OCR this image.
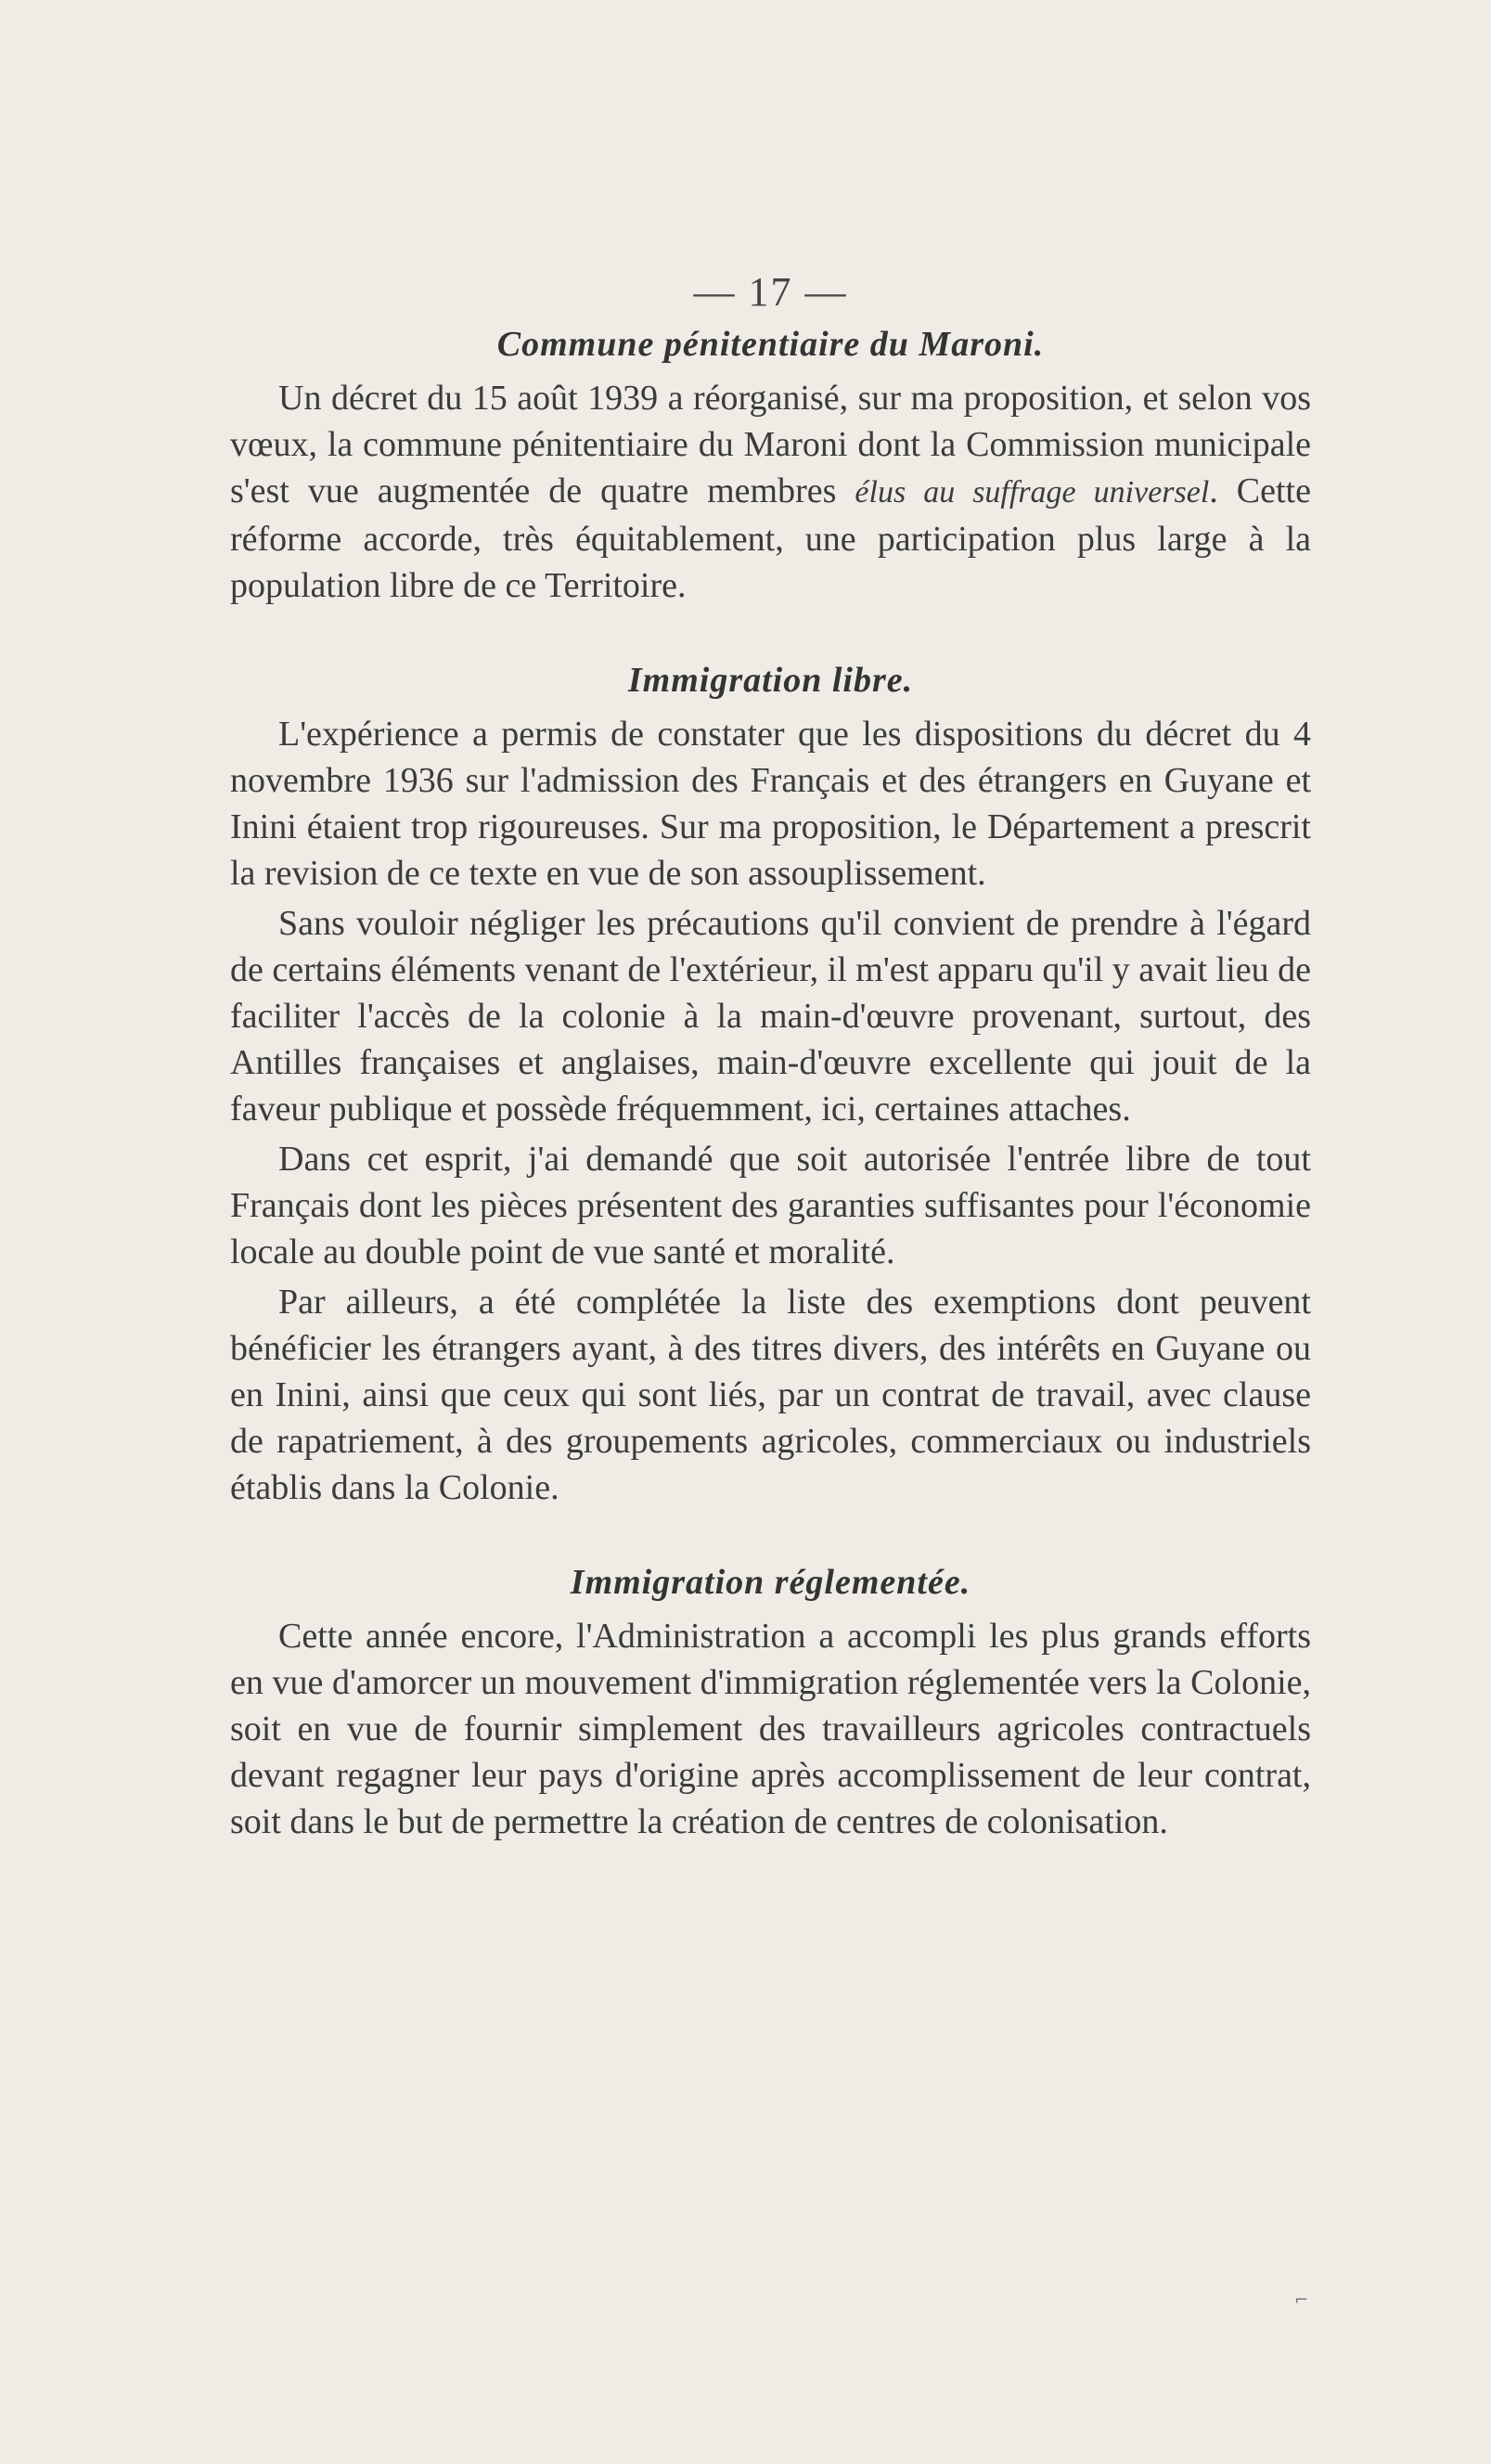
— 17 —
Commune pénitentiaire du Maroni.

Un décret du 15 août 1939 a réorganisé, sur ma proposition, et selon vos vœux, la commune pénitentiaire du Maroni dont la Commission municipale s'est vue augmentée de quatre membres élus au suffrage universel. Cette réforme accorde, très équitablement, une participation plus large à la population libre de ce Territoire.

Immigration libre.

L'expérience a permis de constater que les dispositions du décret du 4 novembre 1936 sur l'admission des Français et des étrangers en Guyane et Inini étaient trop rigoureuses. Sur ma proposition, le Département a prescrit la revision de ce texte en vue de son assouplissement.

Sans vouloir négliger les précautions qu'il convient de prendre à l'égard de certains éléments venant de l'extérieur, il m'est apparu qu'il y avait lieu de faciliter l'accès de la colonie à la main-d'œuvre provenant, surtout, des Antilles françaises et anglaises, main-d'œuvre excellente qui jouit de la faveur publique et possède fréquemment, ici, certaines attaches.

Dans cet esprit, j'ai demandé que soit autorisée l'entrée libre de tout Français dont les pièces présentent des garanties suffisantes pour l'économie locale au double point de vue santé et moralité.

Par ailleurs, a été complétée la liste des exemptions dont peuvent bénéficier les étrangers ayant, à des titres divers, des intérêts en Guyane ou en Inini, ainsi que ceux qui sont liés, par un contrat de travail, avec clause de rapatriement, à des groupements agricoles, commerciaux ou industriels établis dans la Colonie.

Immigration réglementée.

Cette année encore, l'Administration a accompli les plus grands efforts en vue d'amorcer un mouvement d'immigration réglementée vers la Colonie, soit en vue de fournir simplement des travailleurs agricoles contractuels devant regagner leur pays d'origine après accomplissement de leur contrat, soit dans le but de permettre la création de centres de colonisation.

⌐
